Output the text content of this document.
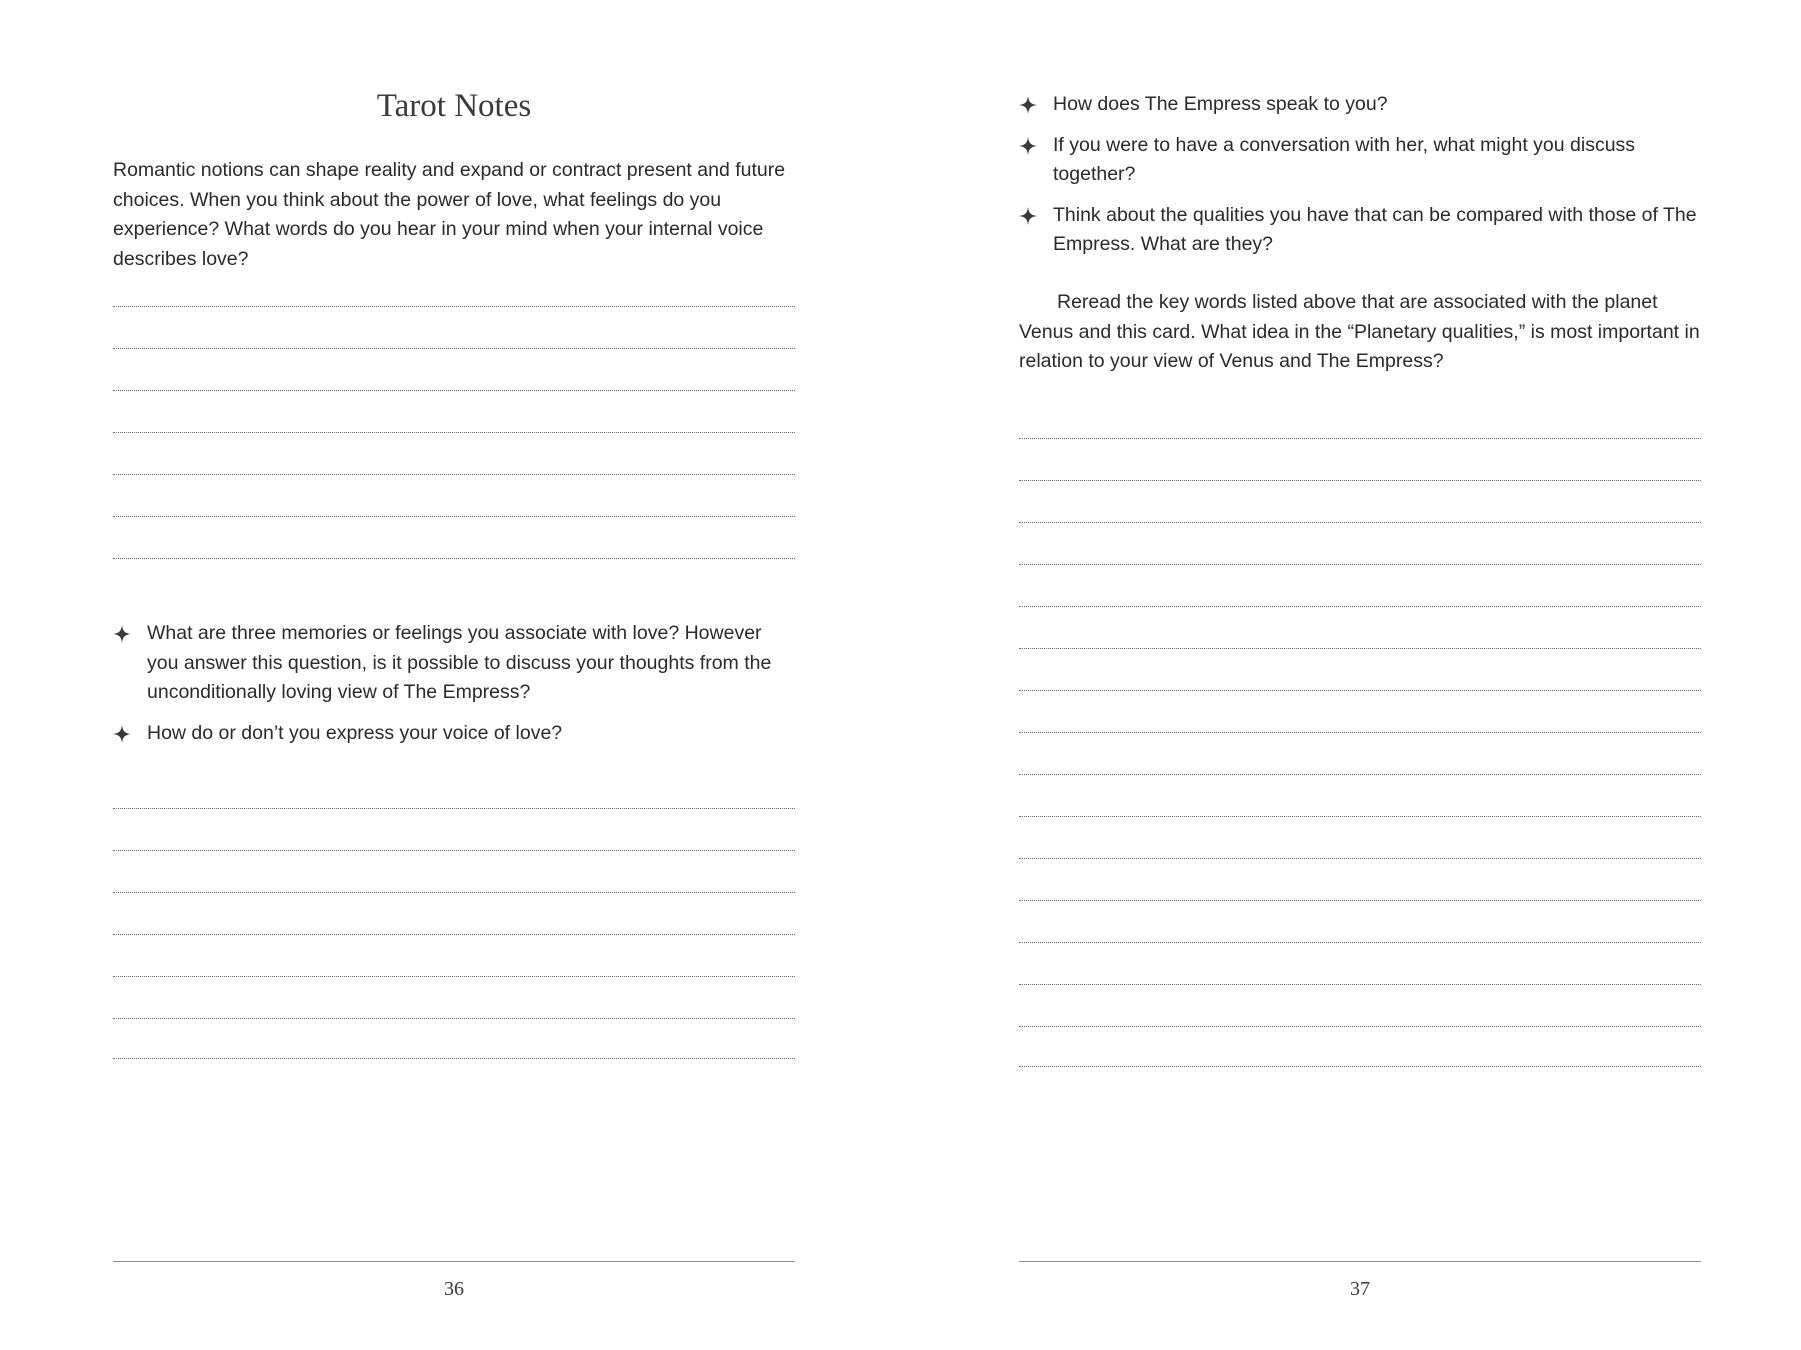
Tarot Notes

Romantic notions can shape reality and expand or contract present and future choices. When you think about the power of love, what feelings do you experience? What words do you hear in your mind when your internal voice describes love?

What are three memories or feelings you associate with love? However you answer this question, is it possible to discuss your thoughts from the unconditionally loving view of The Empress?
How do or don’t you express your voice of love?
36
How does The Empress speak to you?
If you were to have a conversation with her, what might you discuss together?
Think about the qualities you have that can be compared with those of The Empress. What are they?

Reread the key words listed above that are associated with the planet Venus and this card. What idea in the “Planetary qualities,” is most important in relation to your view of Venus and The Empress?

37
